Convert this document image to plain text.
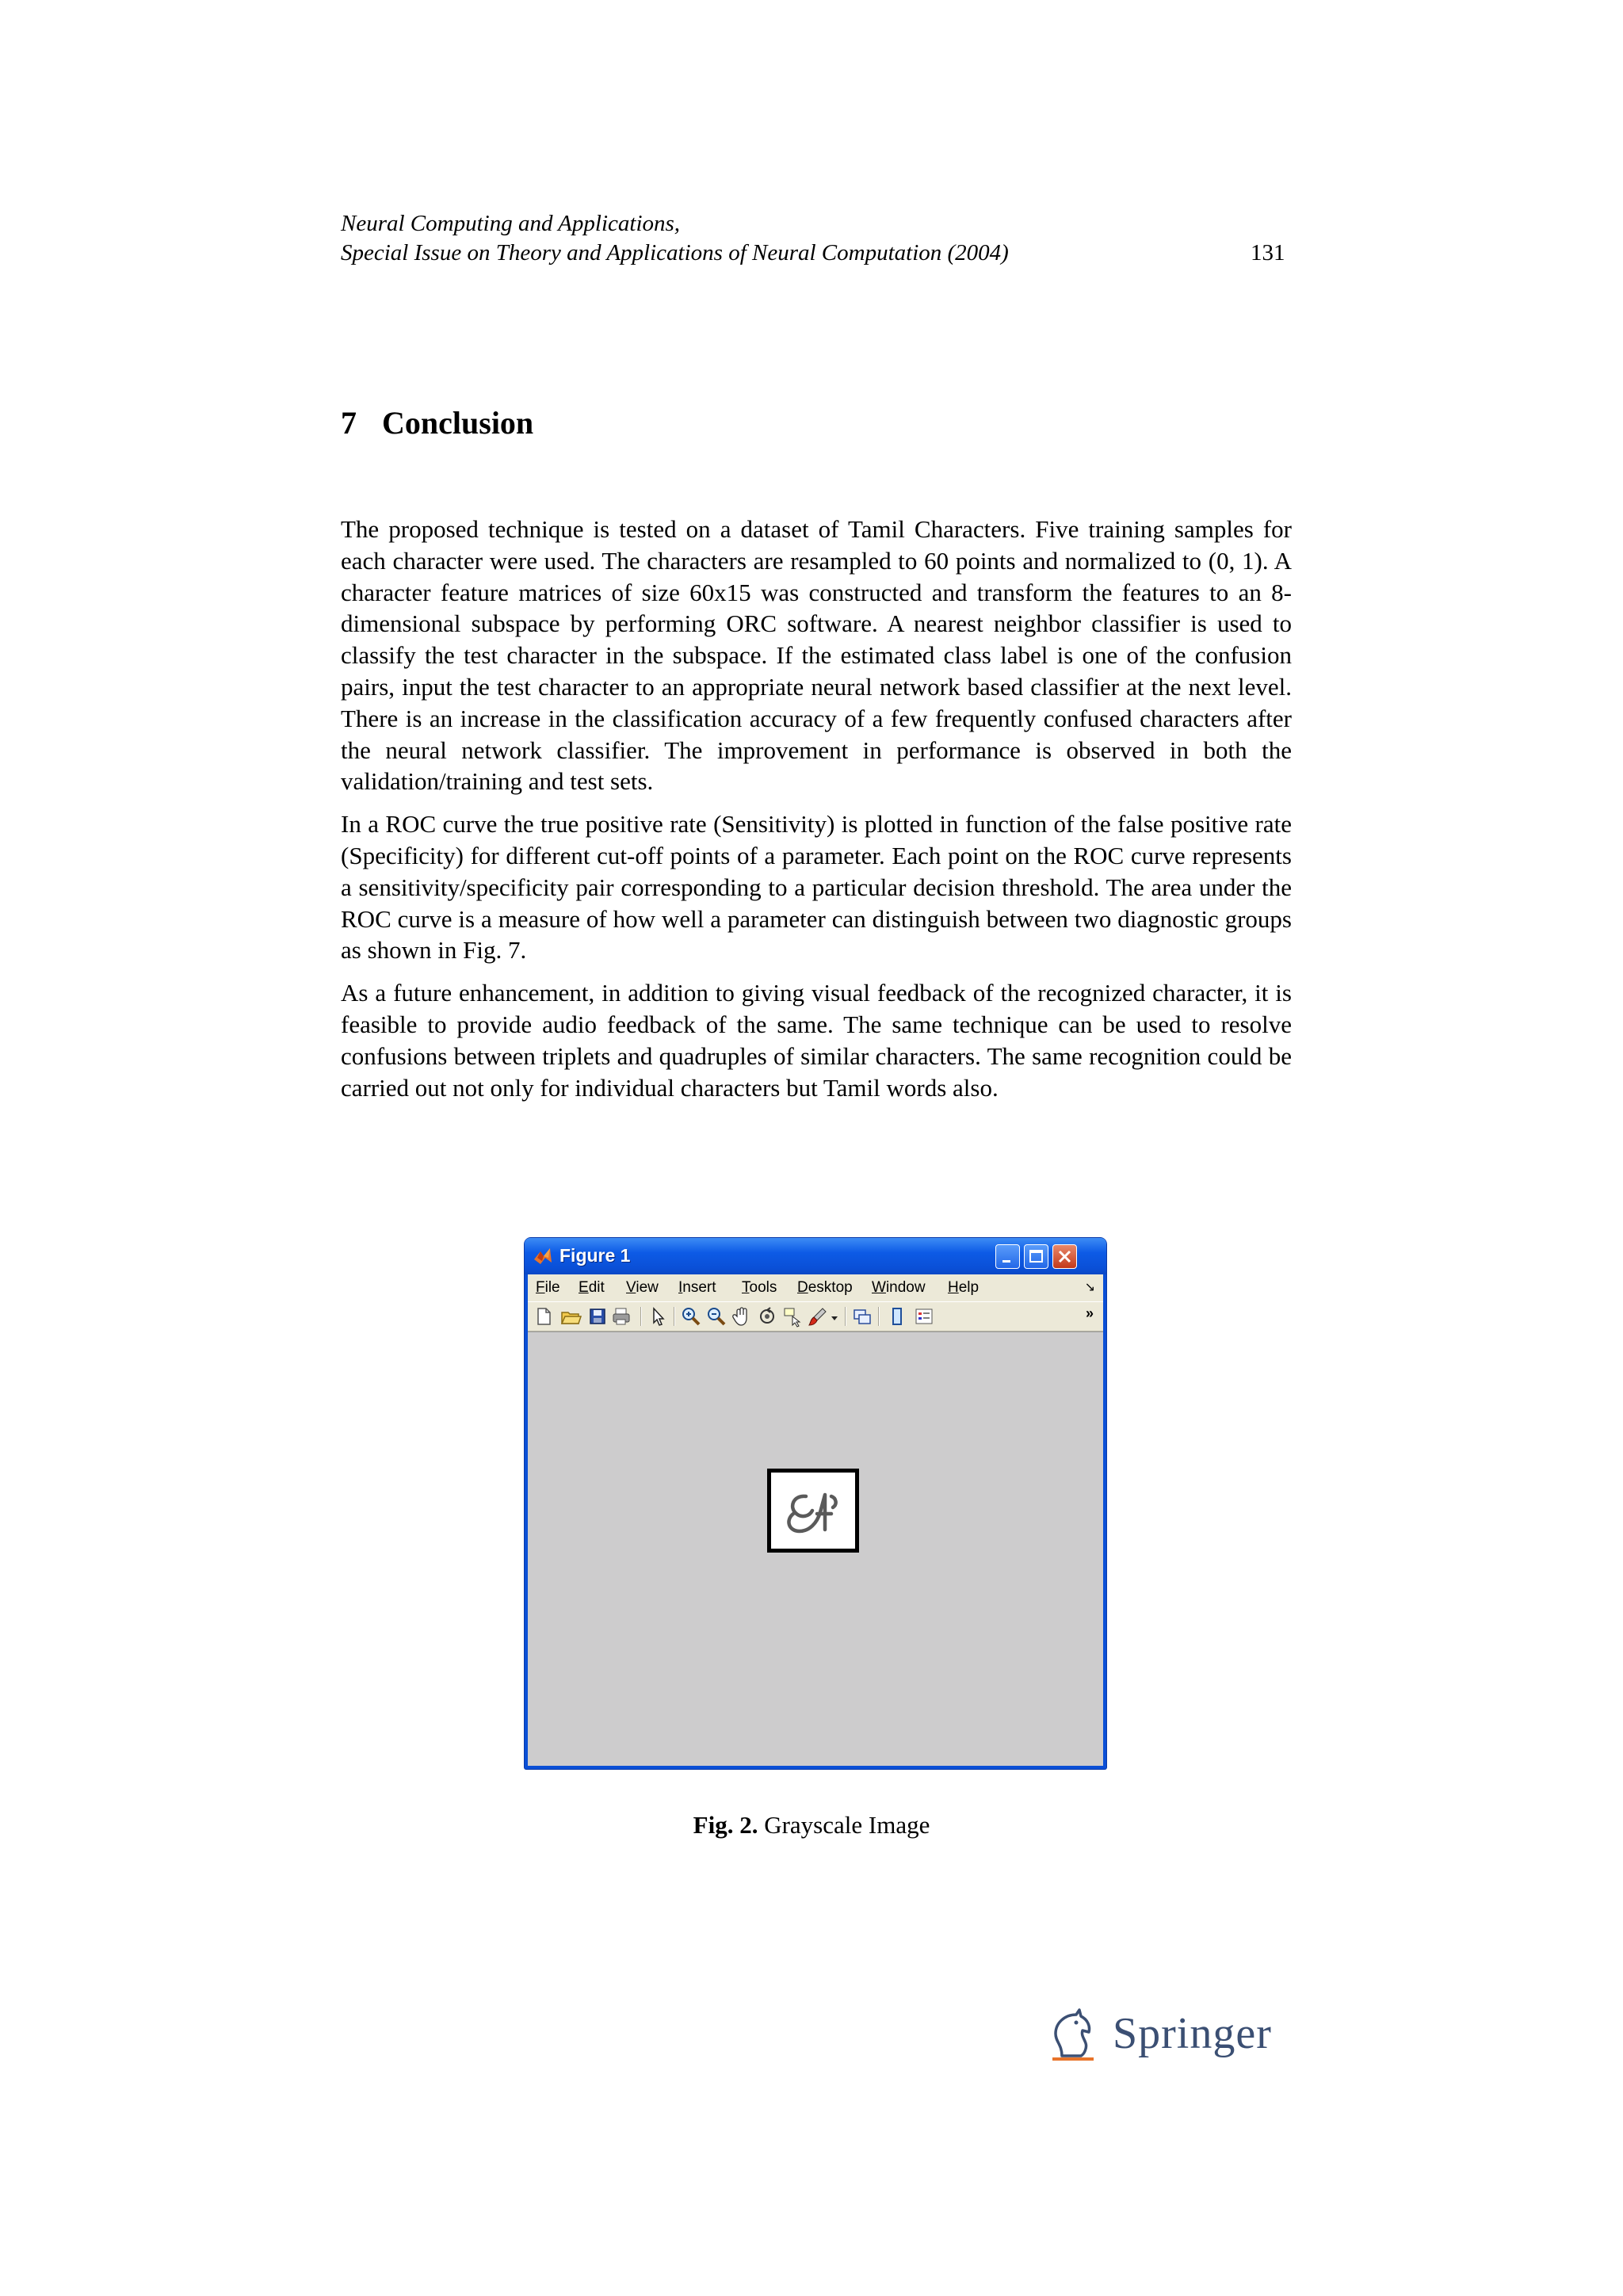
Neural Computing and Applications,
Special Issue on Theory and Applications of Neural Computation (2004)	131
7 Conclusion

The proposed technique is tested on a dataset of Tamil Characters. Five training samples for each character were used. The characters are resampled to 60 points and normalized to (0, 1). A character feature matrices of size 60x15 was constructed and transform the features to an 8-dimensional subspace by performing ORC software. A nearest neighbor classifier is used to classify the test character in the subspace. If the estimated class label is one of the confusion pairs, input the test character to an appropriate neural network based classifier at the next level. There is an increase in the classification accuracy of a few frequently confused characters after the neural network classifier. The improvement in performance is observed in both the validation/training and test sets.

In a ROC curve the true positive rate (Sensitivity) is plotted in function of the false positive rate (Specificity) for different cut-off points of a parameter. Each point on the ROC curve represents a sensitivity/specificity pair corresponding to a particular decision threshold. The area under the ROC curve is a measure of how well a parameter can distinguish between two diagnostic groups as shown in Fig. 7.

As a future enhancement, in addition to giving visual feedback of the recognized character, it is feasible to provide audio feedback of the same. The same technique can be used to resolve confusions between triplets and quadruples of similar characters. The same recognition could be carried out not only for individual characters but Tamil words also.

Figure 1
File Edit View Insert Tools Desktop Window Help	↘
»
Fig. 2. Grayscale Image
Springer
